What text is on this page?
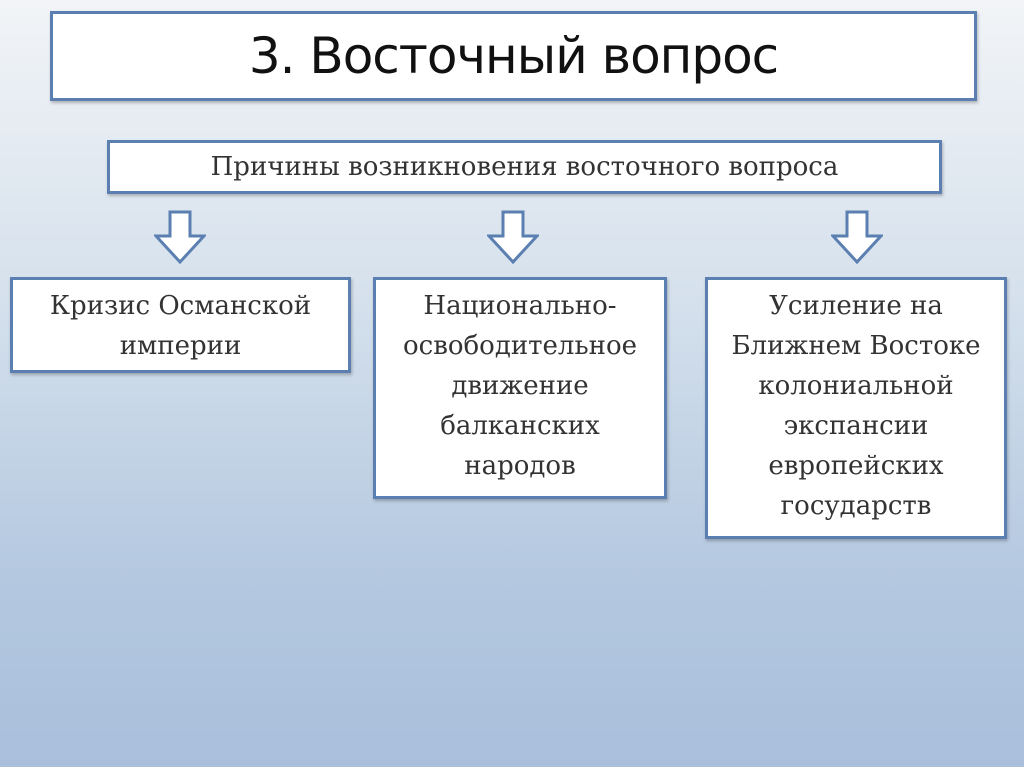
3. Восточный вопрос
Причины возникновения восточного вопроса
Кризис Османской
империи
Национально-
освободительное
движение
балканских
народов
Усиление на
Ближнем Востоке
колониальной
экспансии
европейских
государств
